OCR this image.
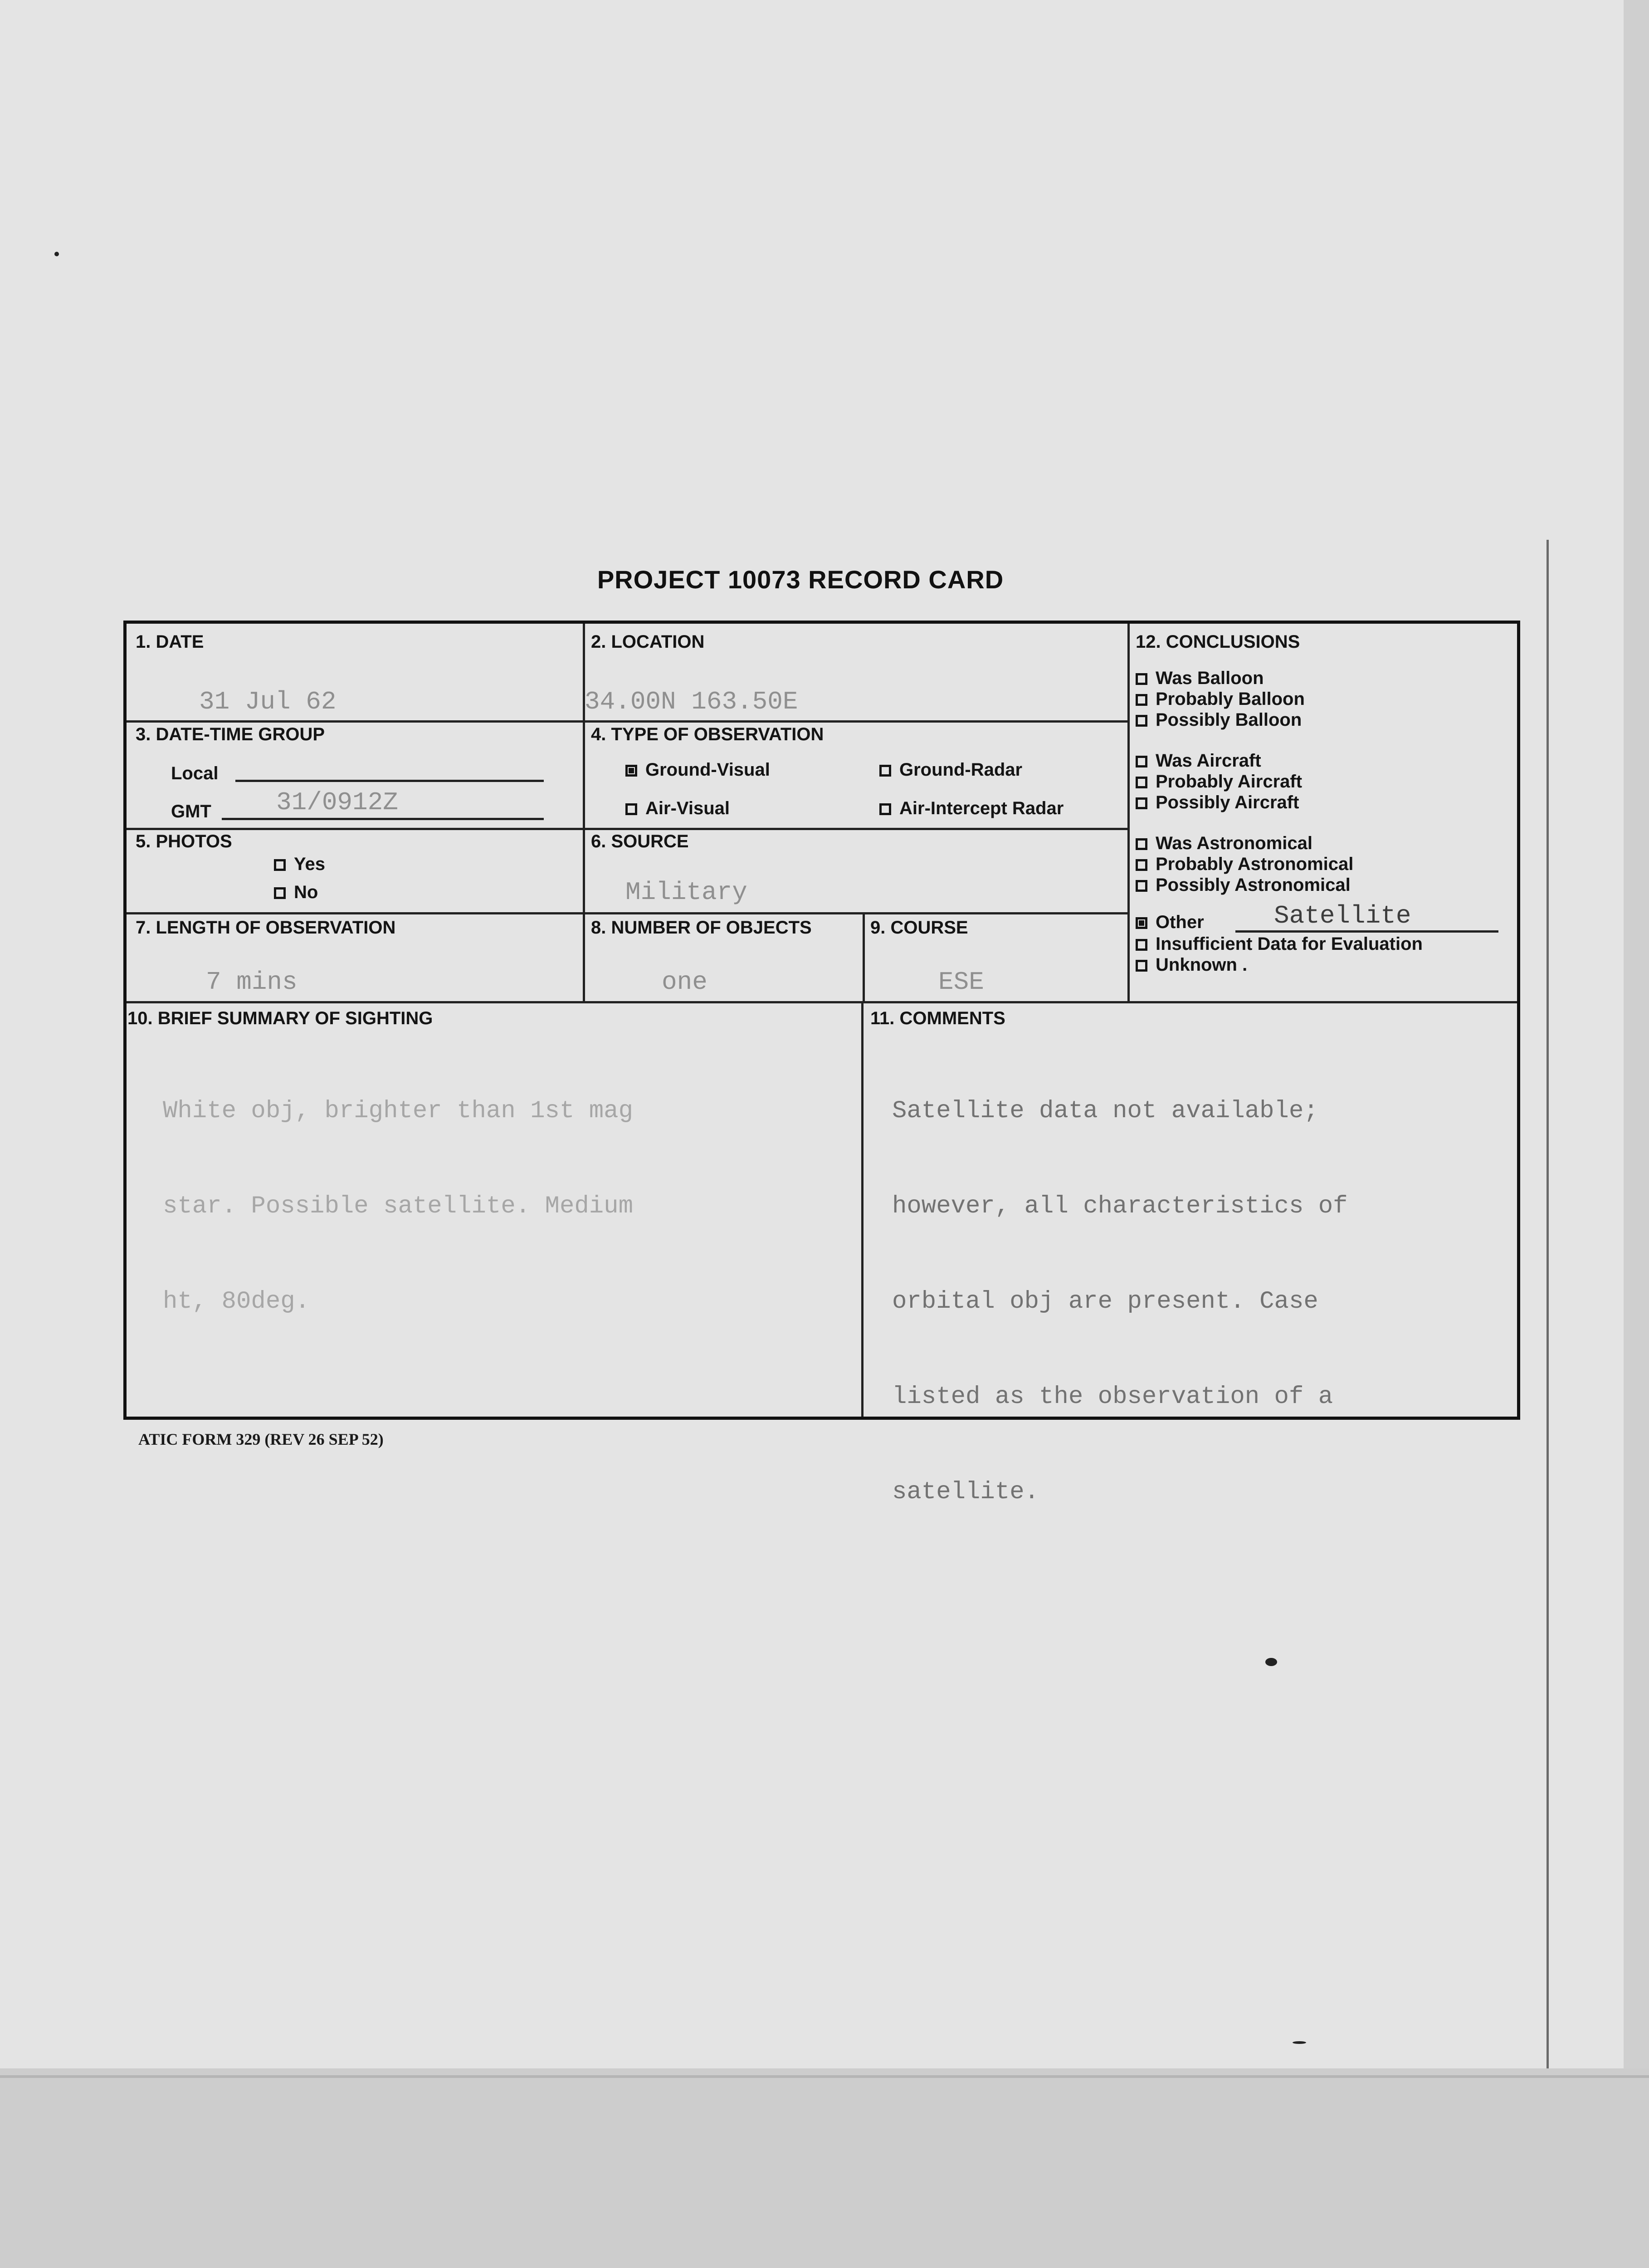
PROJECT 10073 RECORD CARD
1. DATE
31 Jul 62
2. LOCATION
34.00N 163.50E
3. DATE-TIME GROUP
Local
GMT	31/0912Z
4. TYPE OF OBSERVATION
Ground-Visual	Ground-Radar
Air-Visual	Air-Intercept Radar
5. PHOTOS
Yes
No
6. SOURCE
Military
7. LENGTH OF OBSERVATION
7 mins
8. NUMBER OF OBJECTS
one
9. COURSE
ESE
10. BRIEF SUMMARY OF SIGHTING

White obj, brighter than 1st mag

star. Possible satellite. Medium

ht, 80deg.

11. COMMENTS

Satellite data not available;

however, all characteristics of

orbital obj are present. Case

listed as the observation of a

satellite.

12. CONCLUSIONS
Was Balloon
Probably Balloon
Possibly Balloon
Was Aircraft
Probably Aircraft
Possibly Aircraft
Was Astronomical
Probably Astronomical
Possibly Astronomical
Other	Satellite
Insufficient Data for Evaluation
Unknown .
ATIC FORM 329 (REV 26 SEP 52)
